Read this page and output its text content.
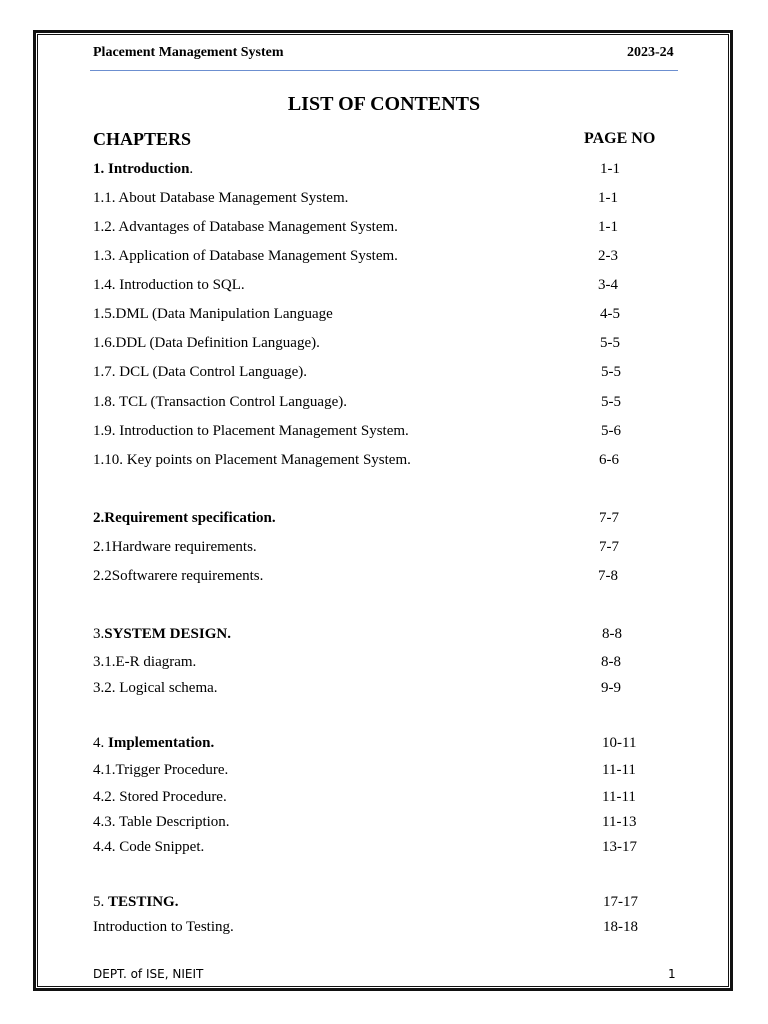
Placement Management System	2023-24
LIST OF CONTENTS
CHAPTERS	PAGE NO
1. Introduction.	1-1
1.1. About Database Management System.	1-1
1.2. Advantages of Database Management System.	1-1
1.3. Application of Database Management System.	2-3
1.4. Introduction to SQL.	3-4
1.5.DML (Data Manipulation Language	4-5
1.6.DDL (Data Definition Language).	5-5
1.7. DCL (Data Control Language).	5-5
1.8. TCL (Transaction Control Language).	5-5
1.9. Introduction to Placement Management System.	5-6
1.10. Key points on Placement Management System.	6-6
2.Requirement specification.	7-7
2.1Hardware requirements.	7-7
2.2Softwarere requirements.	7-8
3.SYSTEM DESIGN.	8-8
3.1.E-R diagram.	8-8
3.2. Logical schema.	9-9
4. Implementation.	10-11
4.1.Trigger Procedure.	11-11
4.2. Stored Procedure.	11-11
4.3. Table Description.	11-13
4.4. Code Snippet.	13-17
5. TESTING.	17-17
Introduction to Testing.	18-18
DEPT. of ISE, NIEIT	1
